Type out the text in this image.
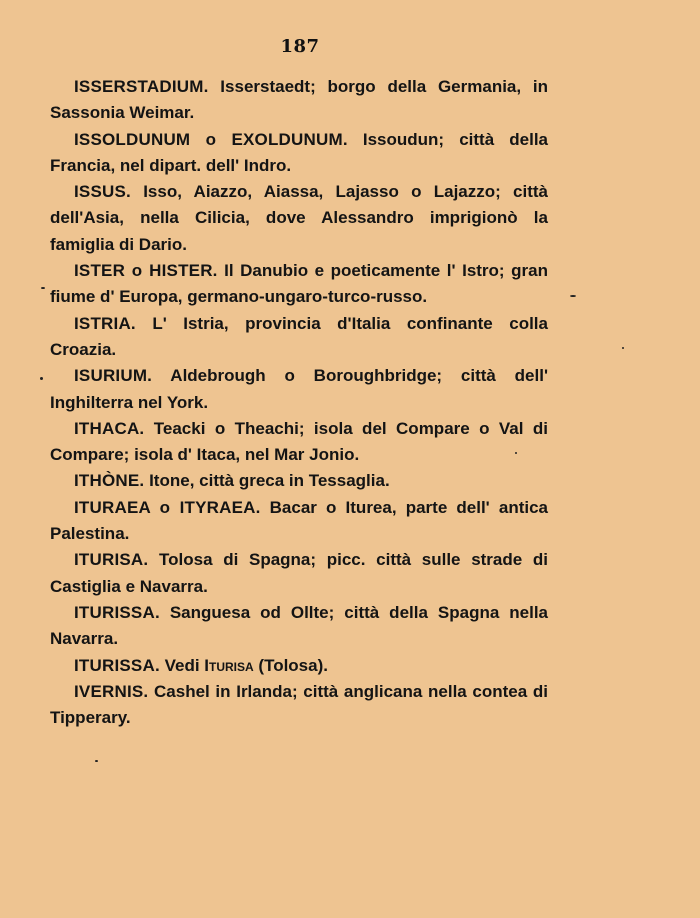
187

ISSERSTADIUM. Isserstaedt; borgo della Germania, in Sassonia Weimar.

ISSOLDUNUM o EXOLDUNUM. Issoudun; città della Francia, nel dipart. dell' Indro.

ISSUS. Isso, Aiazzo, Aiassa, Lajasso o Lajazzo; città dell'Asia, nella Cilicia, dove Alessandro imprigionò la famiglia di Dario.

ISTER o HISTER. Il Danubio e poeticamente l' Istro; gran fiume d' Europa, germano-ungaro-turco-russo.

ISTRIA. L' Istria, provincia d'Italia confinante colla Croazia.

ISURIUM. Aldebrough o Boroughbridge; città dell' Inghilterra nel York.

ITHACA. Teacki o Theachi; isola del Compare o Val di Compare; isola d' Itaca, nel Mar Jonio.

ITHÒNE. Itone, città greca in Tessaglia.

ITURAEA o ITYRAEA. Bacar o Iturea, parte dell' antica Palestina.

ITURISA. Tolosa di Spagna; picc. città sulle strade di Castiglia e Navarra.

ITURISSA. Sanguesa od Ollte; città della Spagna nella Navarra.

ITURISSA. Vedi Iturisa (Tolosa).

IVERNIS. Cashel in Irlanda; città anglicana nella contea di Tipperary.
